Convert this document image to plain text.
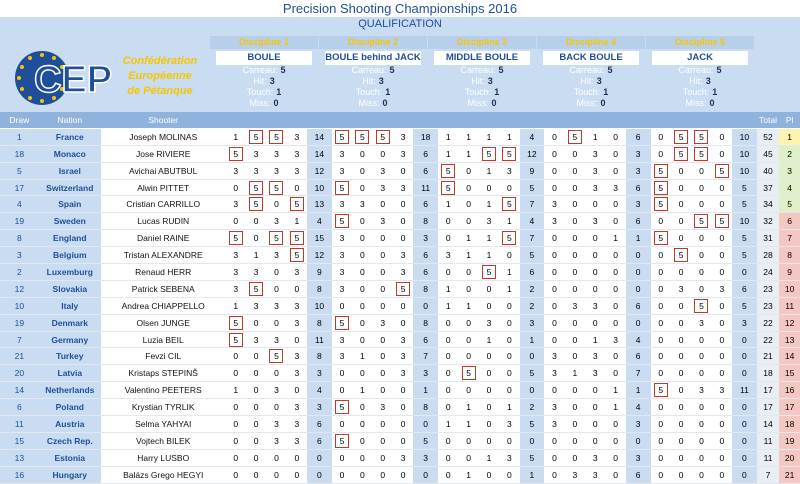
Precision Shooting Championships 2016
QUALIFICATION
CEP Confédération
Européenne
de Pétanque
Discipline 1
BOULE
Carreau: 5
Hit: 3
Touch: 1
Miss: 0
Discipline 2
BOULE behind JACK
Carreau: 5
Hit: 3
Touch: 1
Miss: 0
Discipline 3
MIDDLE BOULE
Carreau: 5
Hit: 3
Touch: 1
Miss: 0
Discipline 4
BACK BOULE
Carreau: 5
Hit: 3
Touch: 1
Miss: 0
Discipline 5
JACK
Carreau: 5
Hit: 3
Touch: 1
Miss: 0
Draw	Nation	Shooter																										Total	Pl
1	France	Joseph MOLINAS	1	5	5	3	14	5	5	5	3	18	1	1	1	1	4	0	5	1	0	6	0	5	5	0	10	52	1
18	Monaco	Jose RIVIERE	5	3	3	3	14	3	0	0	3	6	1	1	5	5	12	0	0	3	0	3	0	5	5	0	10	45	2
5	Israel	Avichai ABUTBUL	3	3	3	3	12	3	0	3	0	6	5	0	1	3	9	0	0	3	0	3	5	0	0	5	10	40	3
17	Switzerland	Alwin PITTET	0	5	5	0	10	5	0	3	3	11	5	0	0	0	5	0	0	3	3	6	5	0	0	0	5	37	4
4	Spain	Cristian CARRILLO	3	5	0	5	13	3	3	0	0	6	1	0	1	5	7	3	0	0	0	3	5	0	0	0	5	34	5
19	Sweden	Lucas RUDIN	0	0	3	1	4	5	0	3	0	8	0	0	3	1	4	3	0	3	0	6	0	0	5	5	10	32	6
8	England	Daniel RAINE	5	0	5	5	15	3	0	0	0	3	0	1	1	5	7	0	0	0	1	1	5	0	0	0	5	31	7
3	Belgium	Tristan ALEXANDRE	3	1	3	5	12	3	0	0	3	6	3	1	1	0	5	0	0	0	0	0	0	5	0	0	5	28	8
2	Luxemburg	Renaud HERR	3	3	0	3	9	3	0	0	3	6	0	0	5	1	6	0	0	0	0	0	0	0	0	0	0	24	9
12	Slovakia	Patrick SEBENA	3	5	0	0	8	3	0	0	5	8	1	0	0	1	2	0	0	0	0	0	0	3	0	3	6	23	10
10	Italy	Andrea CHIAPPELLO	1	3	3	3	10	0	0	0	0	0	1	1	0	0	2	0	3	3	0	6	0	0	5	0	5	23	11
19	Denmark	Olsen JUNGE	5	0	0	3	8	5	0	3	0	8	0	0	3	0	3	0	0	0	0	0	0	0	3	0	3	22	12
7	Germany	Luzia BEIL	5	3	3	0	11	3	0	0	3	6	0	0	1	0	1	0	0	1	3	4	0	0	0	0	0	22	13
21	Turkey	Fevzi CIL	0	0	5	3	8	3	1	0	3	7	0	0	0	0	0	3	0	3	0	6	0	0	0	0	0	21	14
20	Latvia	Kristaps STEPINŠ	0	0	0	3	3	0	0	0	3	3	0	5	0	0	5	3	1	3	0	7	0	0	0	0	0	18	15
14	Netherlands	Valentino PEETERS	1	0	3	0	4	0	1	0	0	1	0	0	0	0	0	0	0	0	1	1	5	0	3	3	11	17	16
6	Poland	Krystian TYRLIK	0	0	0	3	3	5	0	3	0	8	0	1	0	1	2	3	0	0	1	4	0	0	0	0	0	17	17
11	Austria	Selma YAHYAI	0	0	3	3	6	0	0	0	0	0	1	1	0	3	5	3	0	0	0	3	0	0	0	0	0	14	18
15	Czech Rep.	Vojtech BILEK	0	0	3	3	6	5	0	0	0	5	0	0	0	0	0	0	0	0	0	0	0	0	0	0	0	11	19
13	Estonia	Harry LUSBO	0	0	0	0	0	0	0	0	3	3	0	0	1	3	5	0	0	3	0	3	0	0	0	0	0	11	20
16	Hungary	Balázs Grego HEGYI	0	0	0	0	0	0	0	0	0	0	0	1	0	0	1	0	3	3	0	6	0	0	0	0	0	7	21
